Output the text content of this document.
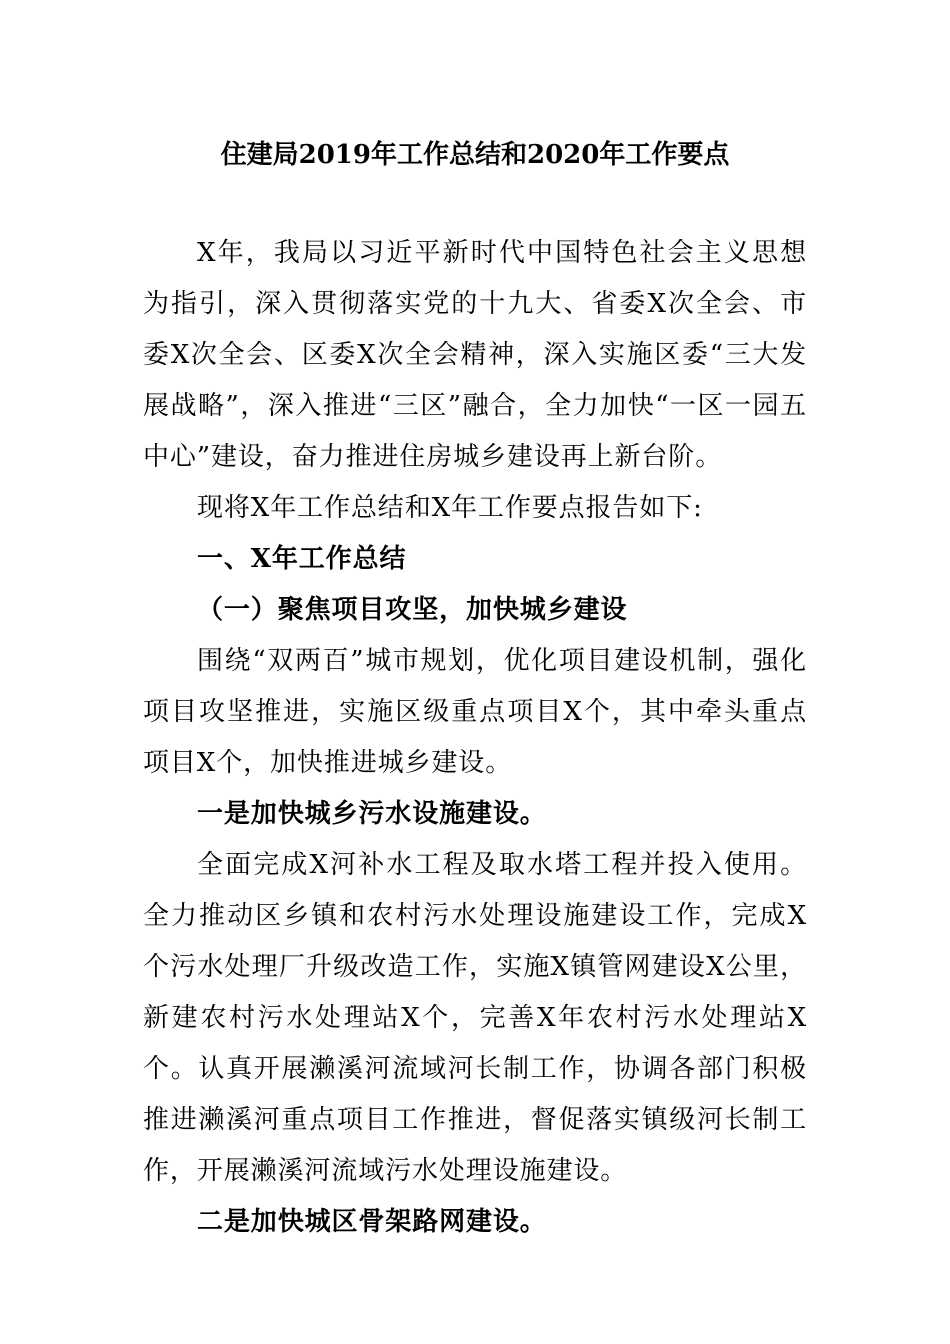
住建局2019年工作总结和2020年工作要点

X年，我局以习近平新时代中国特色社会主义思想为指引，深入贯彻落实党的十九大、省委X次全会、市委X次全会、区委X次全会精神，深入实施区委“三大发展战略”，深入推进“三区”融合，全力加快“一区一园五中心”建设，奋力推进住房城乡建设再上新台阶。

现将X年工作总结和X年工作要点报告如下:

一、X年工作总结

（一）聚焦项目攻坚，加快城乡建设

围绕“双两百”城市规划，优化项目建设机制，强化项目攻坚推进，实施区级重点项目X个，其中牵头重点项目X个，加快推进城乡建设。

一是加快城乡污水设施建设。

全面完成X河补水工程及取水塔工程并投入使用。全力推动区乡镇和农村污水处理设施建设工作，完成X个污水处理厂升级改造工作，实施X镇管网建设X公里，新建农村污水处理站X个，完善X年农村污水处理站X个。认真开展濑溪河流域河长制工作，协调各部门积极推进濑溪河重点项目工作推进，督促落实镇级河长制工作，开展濑溪河流域污水处理设施建设。

二是加快城区骨架路网建设。
